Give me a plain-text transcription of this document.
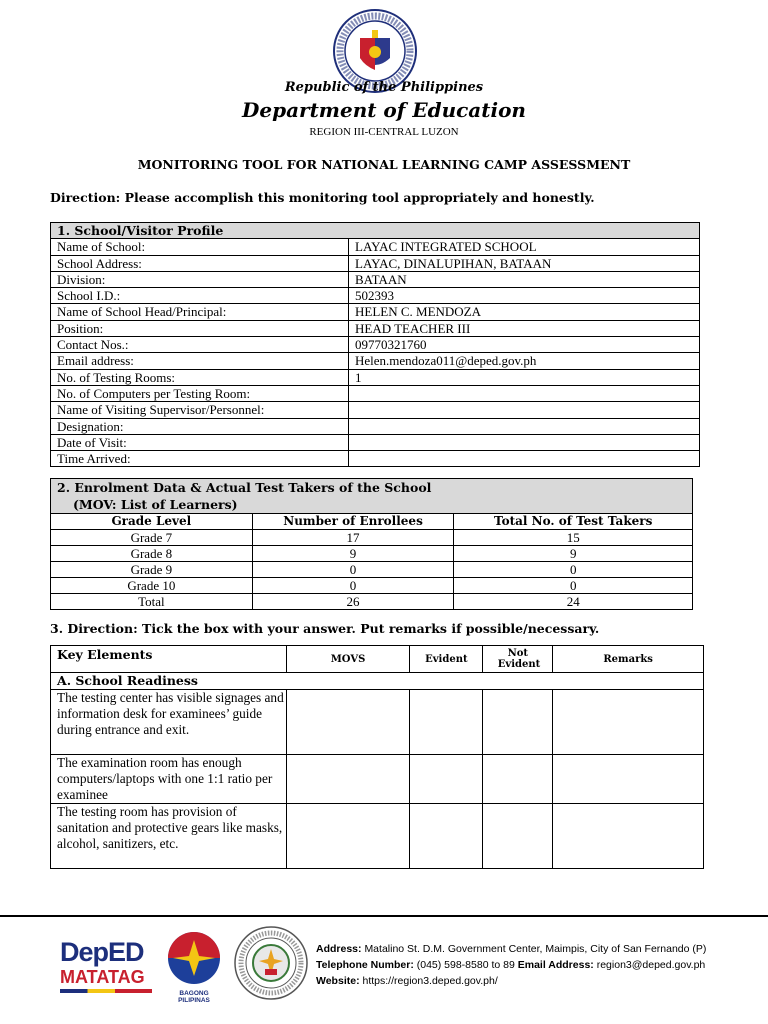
Republic of the Philippines
Department of Education
REGION III-CENTRAL LUZON
MONITORING TOOL FOR NATIONAL LEARNING CAMP ASSESSMENT
Direction: Please accomplish this monitoring tool appropriately and honestly.
1. School/Visitor Profile	
Name of School:	LAYAC INTEGRATED SCHOOL
School Address:	LAYAC, DINALUPIHAN, BATAAN
Division:	BATAAN
School I.D.:	502393
Name of School Head/Principal:	HELEN C. MENDOZA
Position:	HEAD TEACHER III
Contact Nos.:	09770321760
Email address:	Helen.mendoza011@deped.gov.ph
No. of Testing Rooms:	1
No. of Computers per Testing Room:	
Name of Visiting Supervisor/Personnel:	
Designation:	
Date of Visit:	
Time Arrived:	
2. Enrolment Data & Actual Test Takers of the School
(MOV: List of Learners)		

Grade Level	Number of Enrollees	Total No. of Test Takers
Grade 7	17	15
Grade 8	9	9
Grade 9	0	0
Grade 10	0	0
Total	26	24
3. Direction: Tick the box with your answer. Put remarks if possible/necessary.
Key Elements	MOVS	Evident	Not Evident	Remarks
A. School Readiness				
The testing center has visible signages and information desk for examinees’ guide during entrance and exit.				
The examination room has enough computers/laptops with one 1:1 ratio per examinee				
The testing room has provision of sanitation and protective gears like masks, alcohol, sanitizers, etc.				
DepED
MATATAG
BAGONG PILIPINAS
Address: Matalino St. D.M. Government Center, Maimpis, City of San Fernando (P)
Telephone Number: (045) 598-8580 to 89 Email Address: region3@deped.gov.ph
Website: https://region3.deped.gov.ph/
